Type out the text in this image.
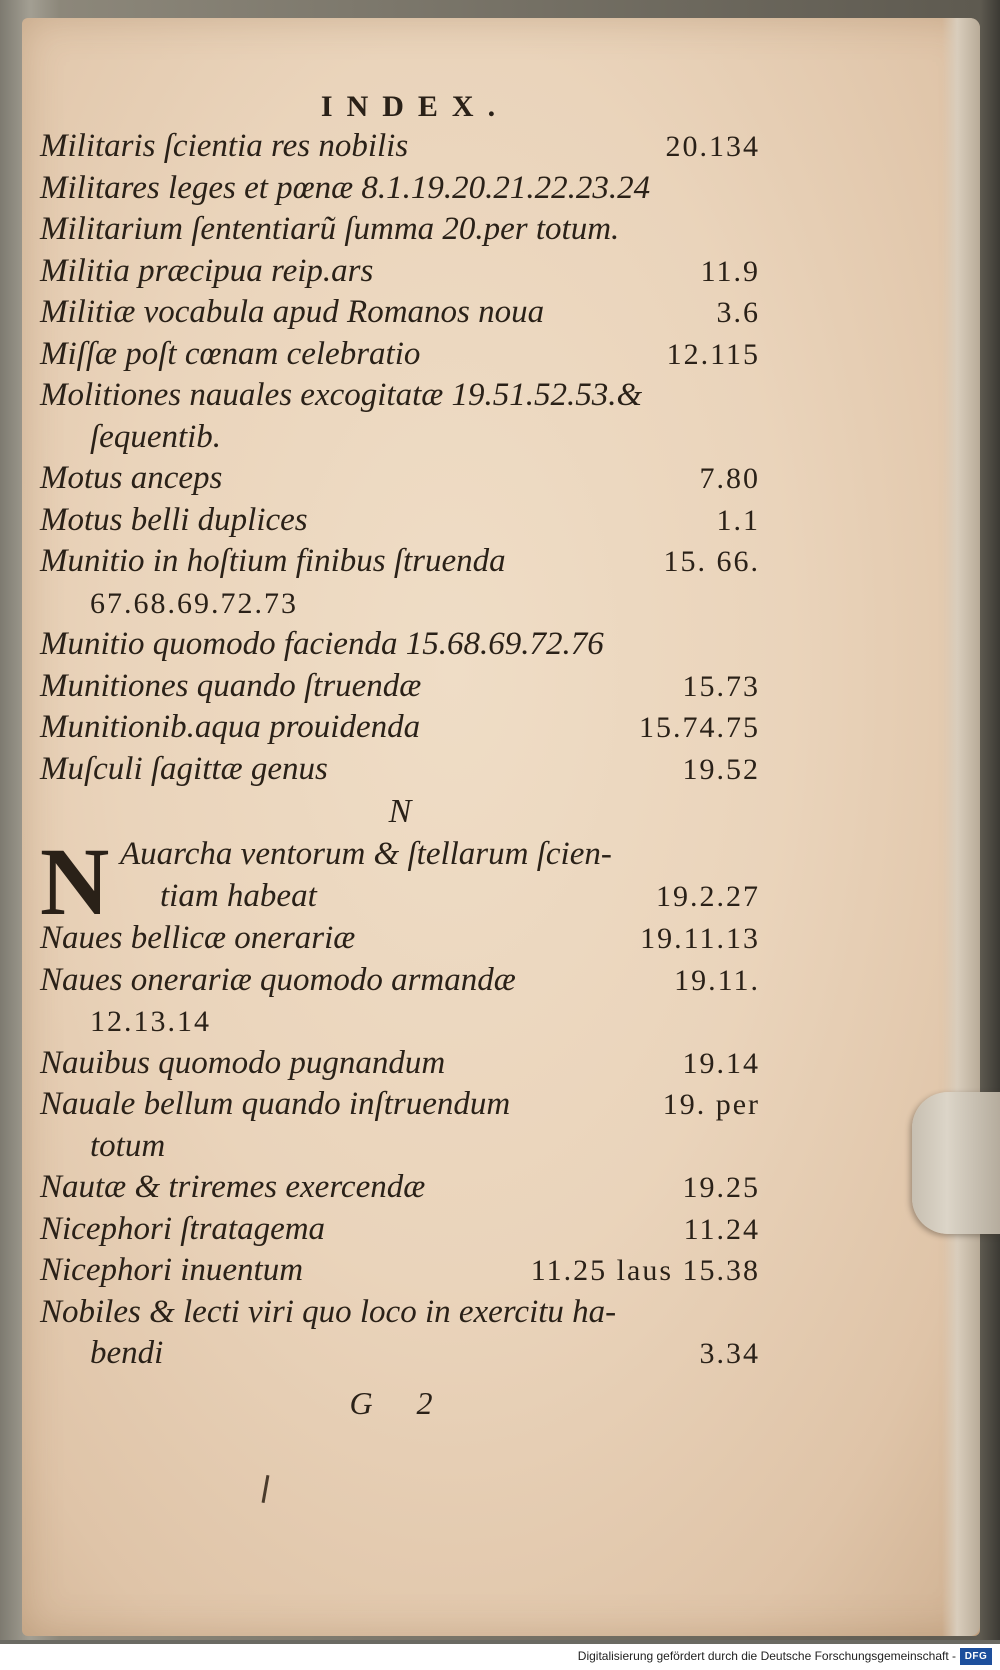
INDEX.
Militaris ſcientia res nobilis	20.134
Militares leges et pœnæ 8.1.19.20.21.22.23.24
Militarium ſententiarũ ſumma 20.per totum.
Militia præcipua reip.ars	11.9
Militiæ vocabula apud Romanos noua	3.6
Miſſæ poſt cœnam celebratio	12.115
Molitiones nauales excogitatæ 19.51.52.53.&
ſequentib.
Motus anceps	7.80
Motus belli duplices	1.1
Munitio in hoſtium finibus ſtruenda	15. 66.
67.68.69.72.73
Munitio quomodo facienda 15.68.69.72.76
Munitiones quando ſtruendæ	15.73
Munitionib.aqua prouidenda	15.74.75
Muſculi ſagittæ genus	19.52
N
N Auarcha ventorum & ſtellarum ſcien-
tiam habeat	19.2.27
Naues bellicæ onerariæ	19.11.13
Naues onerariæ quomodo armandæ	19.11.
12.13.14
Nauibus quomodo pugnandum	19.14
Nauale bellum quando inſtruendum	19. per
totum
Nautæ & triremes exercendæ	19.25
Nicephori ſtratagema	11.24
Nicephori inuentum	11.25 laus 15.38
Nobiles & lecti viri quo loco in exercitu ha-
bendi	3.34
G 2
Digitalisierung gefördert durch die Deutsche Forschungsgemeinschaft - DFG
